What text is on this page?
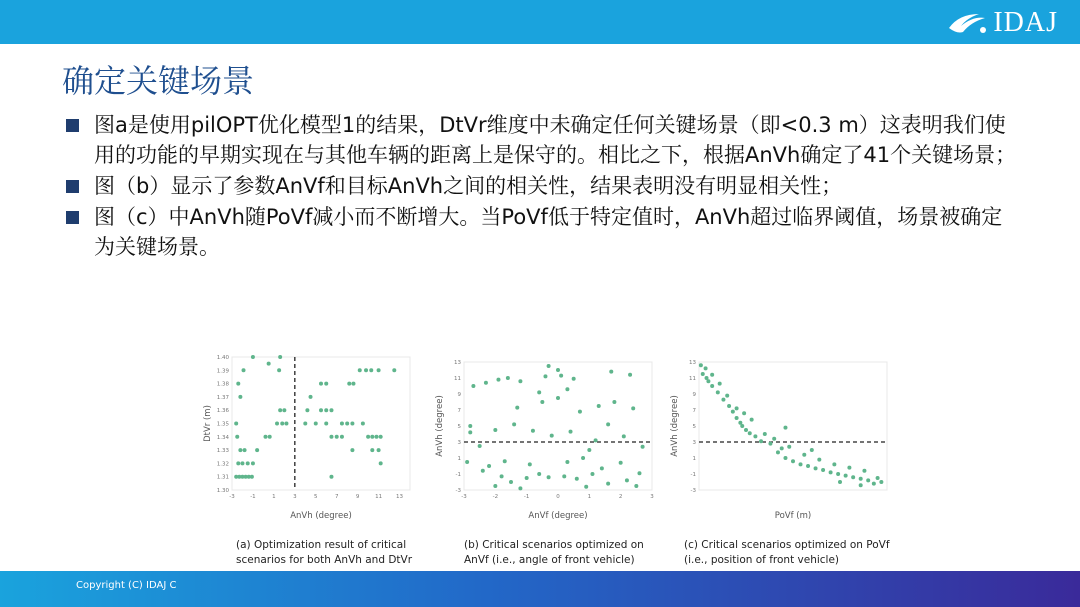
IDAJ
确定关键场景
图a是使用pilOPT优化模型1的结果，DtVr维度中未确定任何关键场景（即<0.3 m）这表明我们使用的功能的早期实现在与其他车辆的距离上是保守的。相比之下，根据AnVh确定了41个关键场景；
图（b）显示了参数AnVf和目标AnVh之间的相关性，结果表明没有明显相关性；
图（c）中AnVh随PoVf减小而不断增大。当PoVf低于特定值时，AnVh超过临界阈值，场景被确定为关键场景。
1.30
1.31
1.32
1.33
1.34
1.35
1.36
1.37
1.38
1.39
1.40
-3	-1	1	3	5	7	9	11	13
AnVh (degree)
DtVr (m)
-3
-1
1
3
5
7
9
11
13
-3	-2	-1	0	1	2	3
AnVf (degree)
AnVh (degree)
-3
-1
1
3
5
7
9
11
13
PoVf (m)
AnVh (degree)
(a) Optimization result of critical scenarios for both AnVh and DtVr
(b) Critical scenarios optimized on AnVf (i.e., angle of front vehicle)
(c) Critical scenarios optimized on PoVf (i.e., position of front vehicle)
Copyright (C) IDAJ C
